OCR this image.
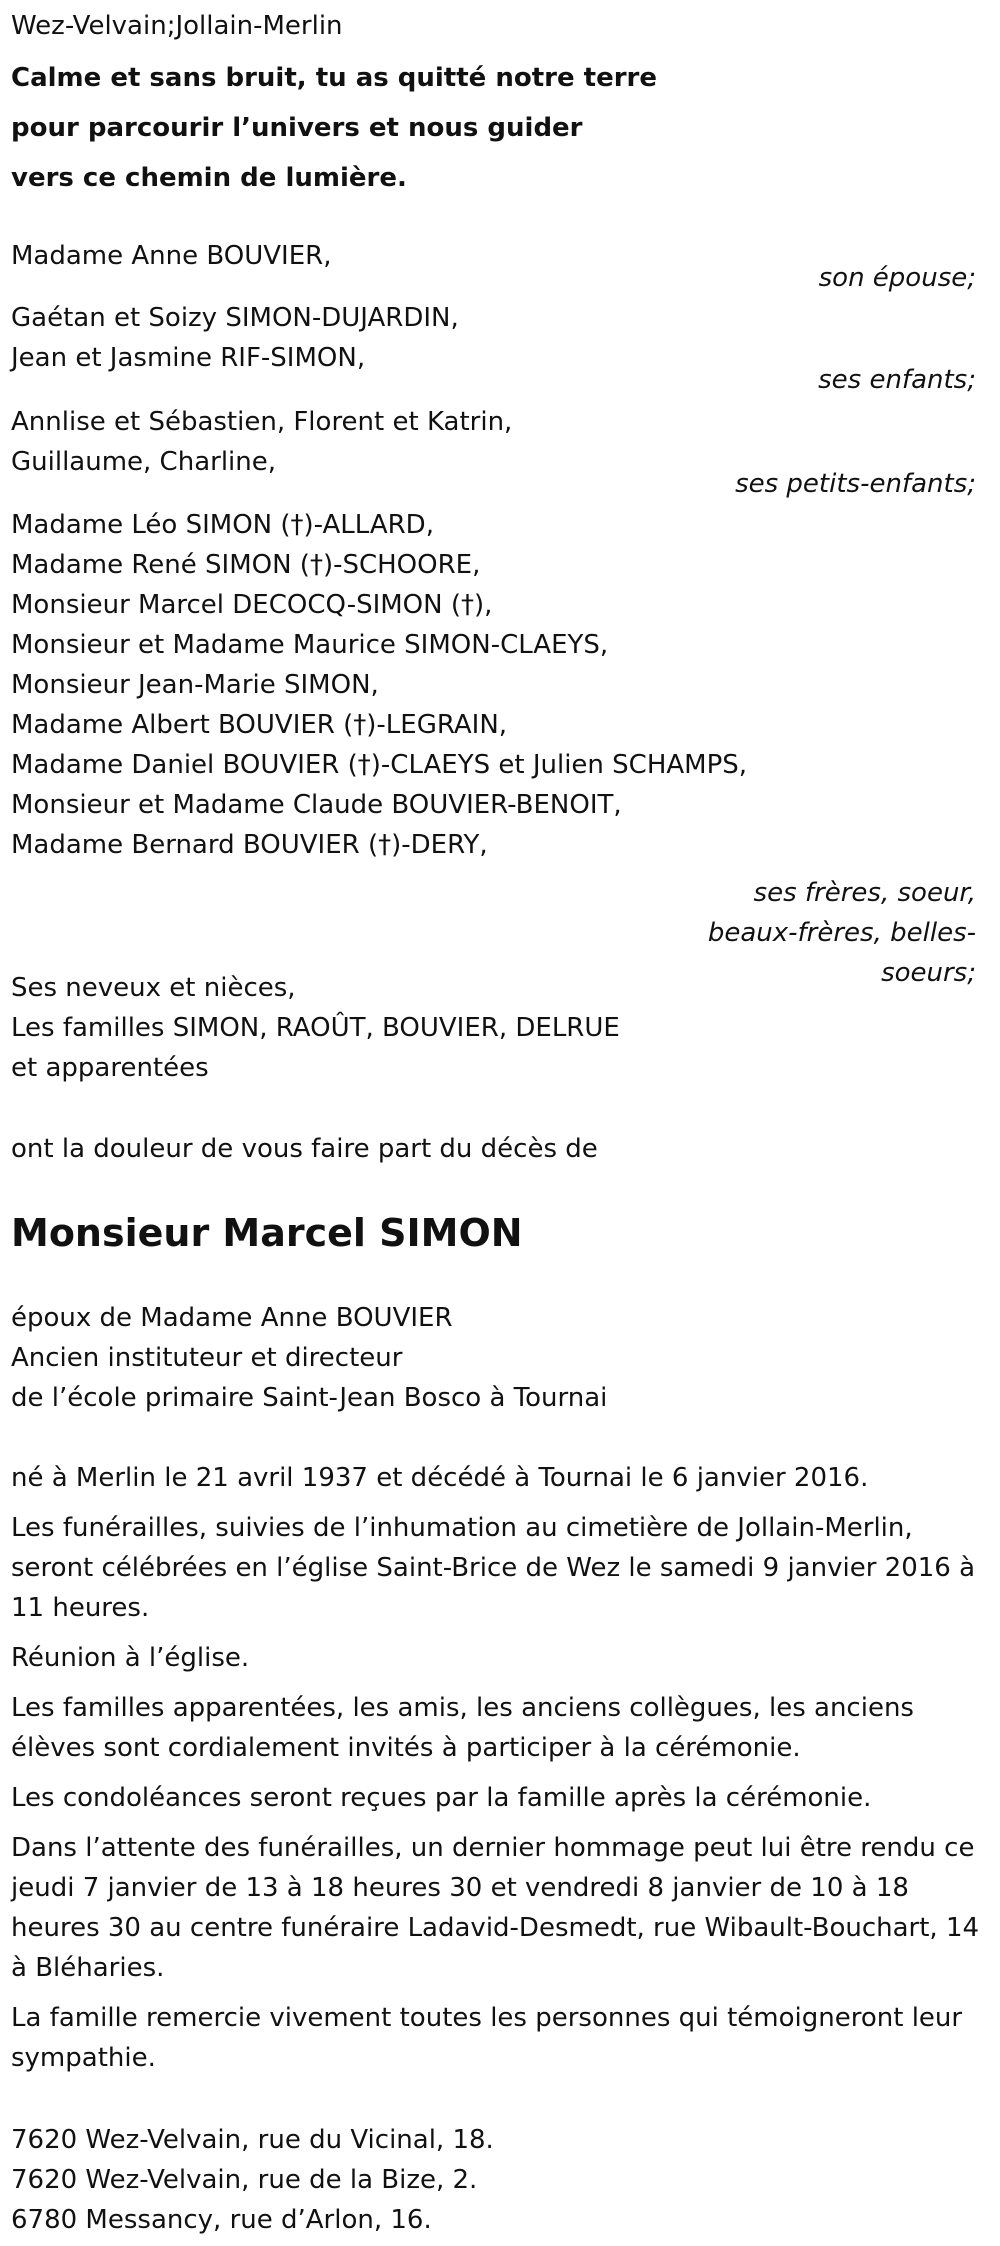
Wez-Velvain;Jollain-Merlin

Calme et sans bruit, tu as quitté notre terre

pour parcourir l’univers et nous guider

vers ce chemin de lumière.

Madame Anne BOUVIER,

son épouse;

Gaétan et Soizy SIMON-DUJARDIN,

Jean et Jasmine RIF-SIMON,

ses enfants;

Annlise et Sébastien, Florent et Katrin,

Guillaume, Charline,

ses petits-enfants;

Madame Léo SIMON (†)-ALLARD,

Madame René SIMON (†)-SCHOORE,

Monsieur Marcel DECOCQ-SIMON (†),

Monsieur et Madame Maurice SIMON-CLAEYS,

Monsieur Jean-Marie SIMON,

Madame Albert BOUVIER (†)-LEGRAIN,

Madame Daniel BOUVIER (†)-CLAEYS et Julien SCHAMPS,

Monsieur et Madame Claude BOUVIER-BENOIT,

Madame Bernard BOUVIER (†)-DERY,

ses frères, soeur,

beaux-frères, belles-

soeurs;

Ses neveux et nièces,

Les familles SIMON, RAOÛT, BOUVIER, DELRUE

et apparentées

ont la douleur de vous faire part du décès de

Monsieur Marcel SIMON

époux de Madame Anne BOUVIER

Ancien instituteur et directeur

de l’école primaire Saint-Jean Bosco à Tournai

né à Merlin le 21 avril 1937 et décédé à Tournai le 6 janvier 2016.

Les funérailles, suivies de l’inhumation au cimetière de Jollain-Merlin, seront célébrées en l’église Saint-Brice de Wez le samedi 9 janvier 2016 à 11 heures.

Réunion à l’église.

Les familles apparentées, les amis, les anciens collègues, les anciens élèves sont cordialement invités à participer à la cérémonie.

Les condoléances seront reçues par la famille après la cérémonie.

Dans l’attente des funérailles, un dernier hommage peut lui être rendu ce jeudi 7 janvier de 13 à 18 heures 30 et vendredi 8 janvier de 10 à 18 heures 30 au centre funéraire Ladavid-Desmedt, rue Wibault-Bouchart, 14 à Bléharies.

La famille remercie vivement toutes les personnes qui témoigneront leur sympathie.

7620 Wez-Velvain, rue du Vicinal, 18.

7620 Wez-Velvain, rue de la Bize, 2.

6780 Messancy, rue d’Arlon, 16.
